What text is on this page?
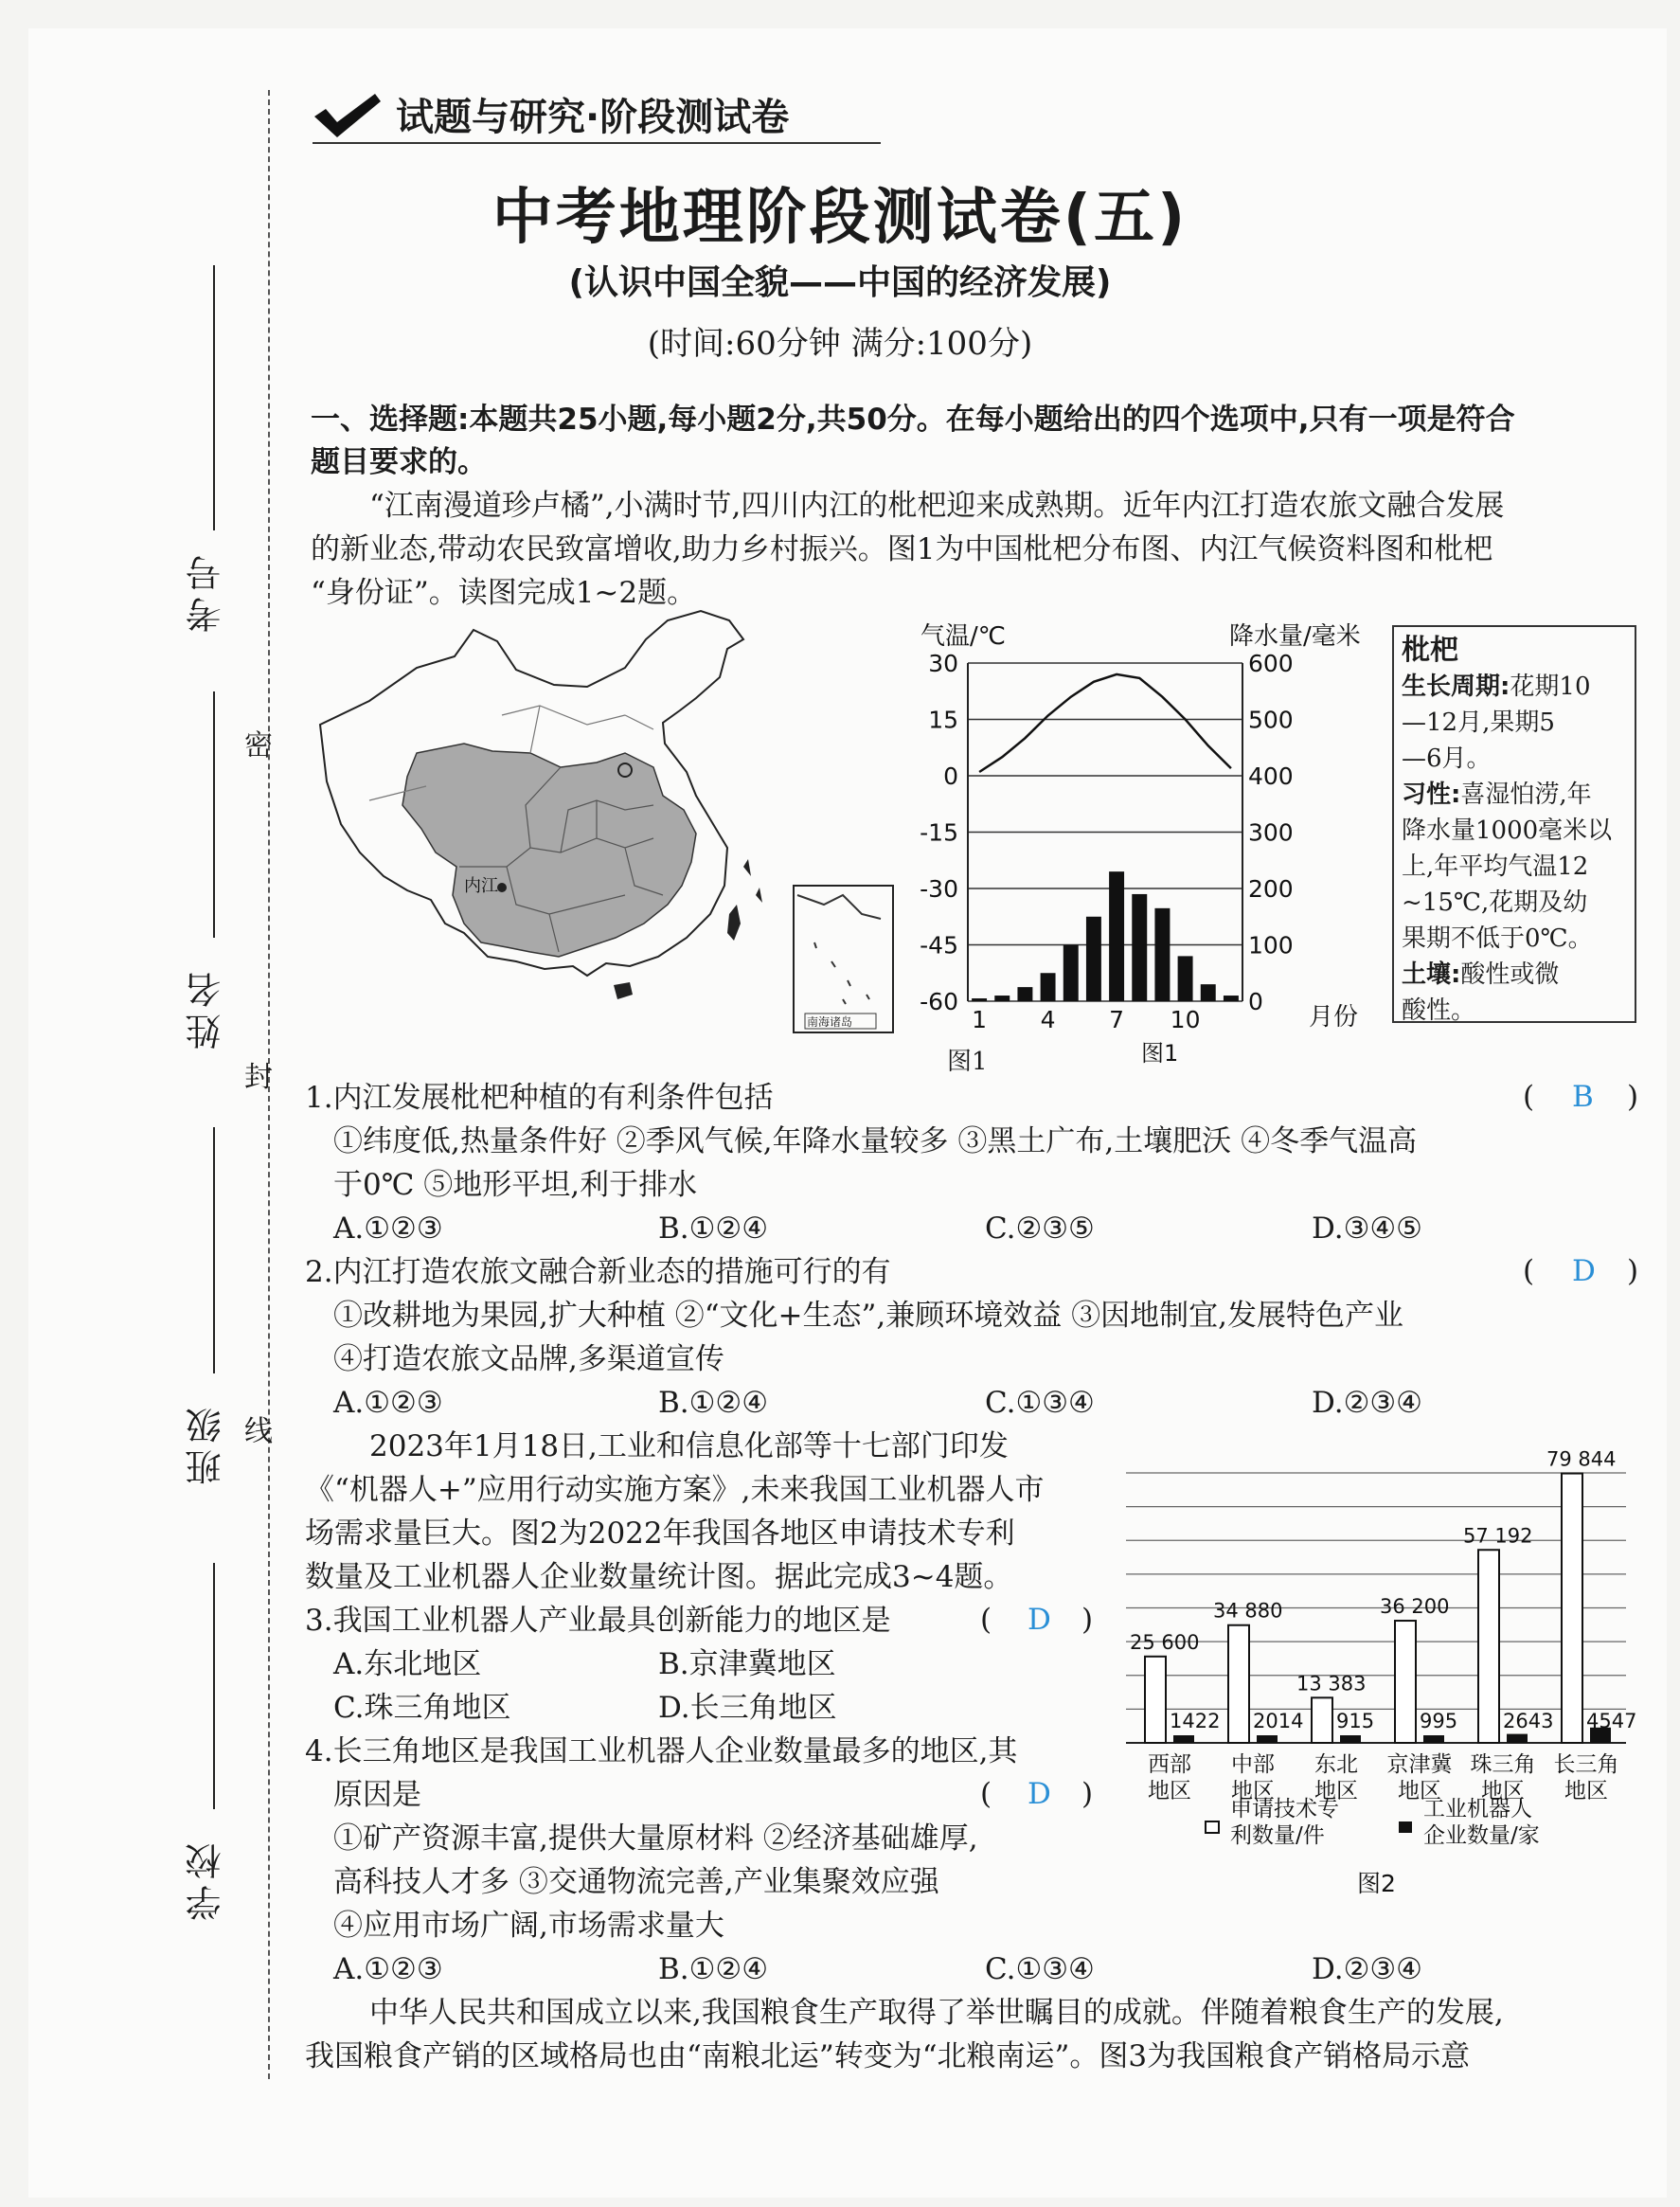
考号
姓名
班级
学校
密
封
线
试题与研究·阶段测试卷
中考地理阶段测试卷(五)
(认识中国全貌——中国的经济发展)
(时间:60分钟 满分:100分)
一、选择题:本题共25小题,每小题2分,共50分。在每小题给出的四个选项中,只有一项是符合
题目要求的。
“江南漫道珍卢橘”,小满时节,四川内江的枇杷迎来成熟期。近年内江打造农旅文融合发展
的新业态,带动农民致富增收,助力乡村振兴。图1为中国枇杷分布图、内江气候资料图和枇杷
“身份证”。读图完成1~2题。
内江
南海诸岛
气温/℃	降水量/毫米
30	600
15	500
0	400
-15	300
-30	200
-45	100
-60	0
1 4 7 10	月份
图1
图1
枇杷
生长周期:花期10
—12月,果期5
—6月。
习性:喜湿怕涝,年
降水量1000毫米以
上,年平均气温12
~15℃,花期及幼
果期不低于0℃。
土壤:酸性或微
酸性。
1.内江发展枇杷种植的有利条件包括	( B )
①纬度低,热量条件好 ②季风气候,年降水量较多 ③黑土广布,土壤肥沃 ④冬季气温高
于0℃ ⑤地形平坦,利于排水
A.①②③	B.①②④	C.②③⑤	D.③④⑤
2.内江打造农旅文融合新业态的措施可行的有	( D )
①改耕地为果园,扩大种植 ②“文化+生态”,兼顾环境效益 ③因地制宜,发展特色产业
④打造农旅文品牌,多渠道宣传
A.①②③	B.①②④	C.①③④	D.②③④
2023年1月18日,工业和信息化部等十七部门印发
《“机器人+”应用行动实施方案》,未来我国工业机器人市
场需求量巨大。图2为2022年我国各地区申请技术专利
数量及工业机器人企业数量统计图。据此完成3~4题。
3.我国工业机器人产业最具创新能力的地区是	( D )
A.东北地区	B.京津冀地区
C.珠三角地区	D.长三角地区
4.长三角地区是我国工业机器人企业数量最多的地区,其
原因是	( D )
①矿产资源丰富,提供大量原材料 ②经济基础雄厚,
高科技人才多 ③交通物流完善,产业集聚效应强
④应用市场广阔,市场需求量大
A.①②③	B.①②④	C.①③④	D.②③④
25 600
1422
西部
地区
34 880
2014
中部
地区
13 383
915
东北
地区
36 200
995
京津冀
地区
57 192
2643
珠三角
地区
79 844
4547
长三角
地区
申请技术专
利数量/件
工业机器人
企业数量/家
图2
中华人民共和国成立以来,我国粮食生产取得了举世瞩目的成就。伴随着粮食生产的发展,
我国粮食产销的区域格局也由“南粮北运”转变为“北粮南运”。图3为我国粮食产销格局示意
